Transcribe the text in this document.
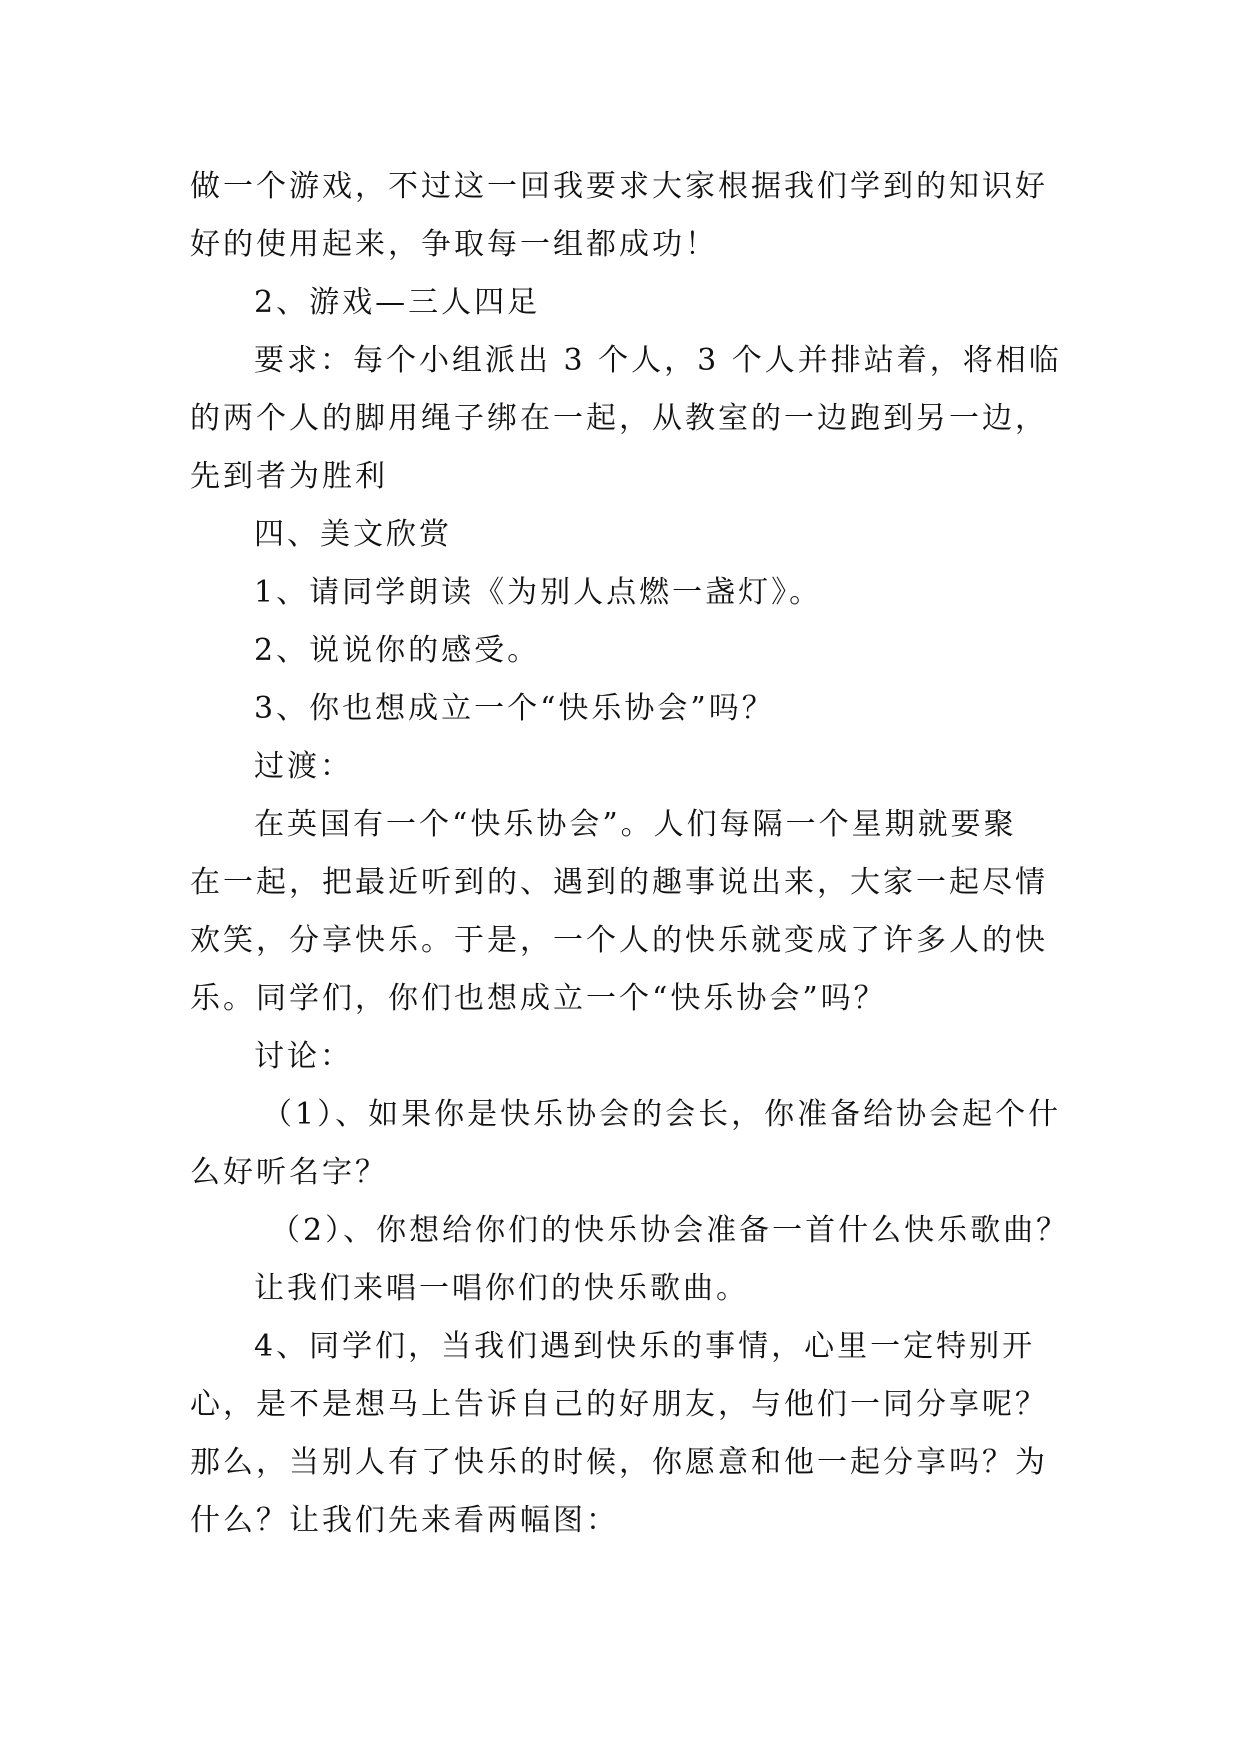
做一个游戏，不过这一回我要求大家根据我们学到的知识好
好的使用起来，争取每一组都成功！
2、游戏—三人四足
要求：每个小组派出 3 个人，3 个人并排站着，将相临
的两个人的脚用绳子绑在一起，从教室的一边跑到另一边，
先到者为胜利
四、美文欣赏
1、请同学朗读《为别人点燃一盏灯》。
2、说说你的感受。
3、你也想成立一个“快乐协会”吗？
过渡：
在英国有一个“快乐协会”。人们每隔一个星期就要聚
在一起，把最近听到的、遇到的趣事说出来，大家一起尽情
欢笑，分享快乐。于是，一个人的快乐就变成了许多人的快
乐。同学们，你们也想成立一个“快乐协会”吗？
讨论：
（1）、如果你是快乐协会的会长，你准备给协会起个什
么好听名字？
（2）、你想给你们的快乐协会准备一首什么快乐歌曲？
让我们来唱一唱你们的快乐歌曲。
4、同学们，当我们遇到快乐的事情，心里一定特别开
心，是不是想马上告诉自己的好朋友，与他们一同分享呢？
那么，当别人有了快乐的时候，你愿意和他一起分享吗？为
什么？让我们先来看两幅图：
